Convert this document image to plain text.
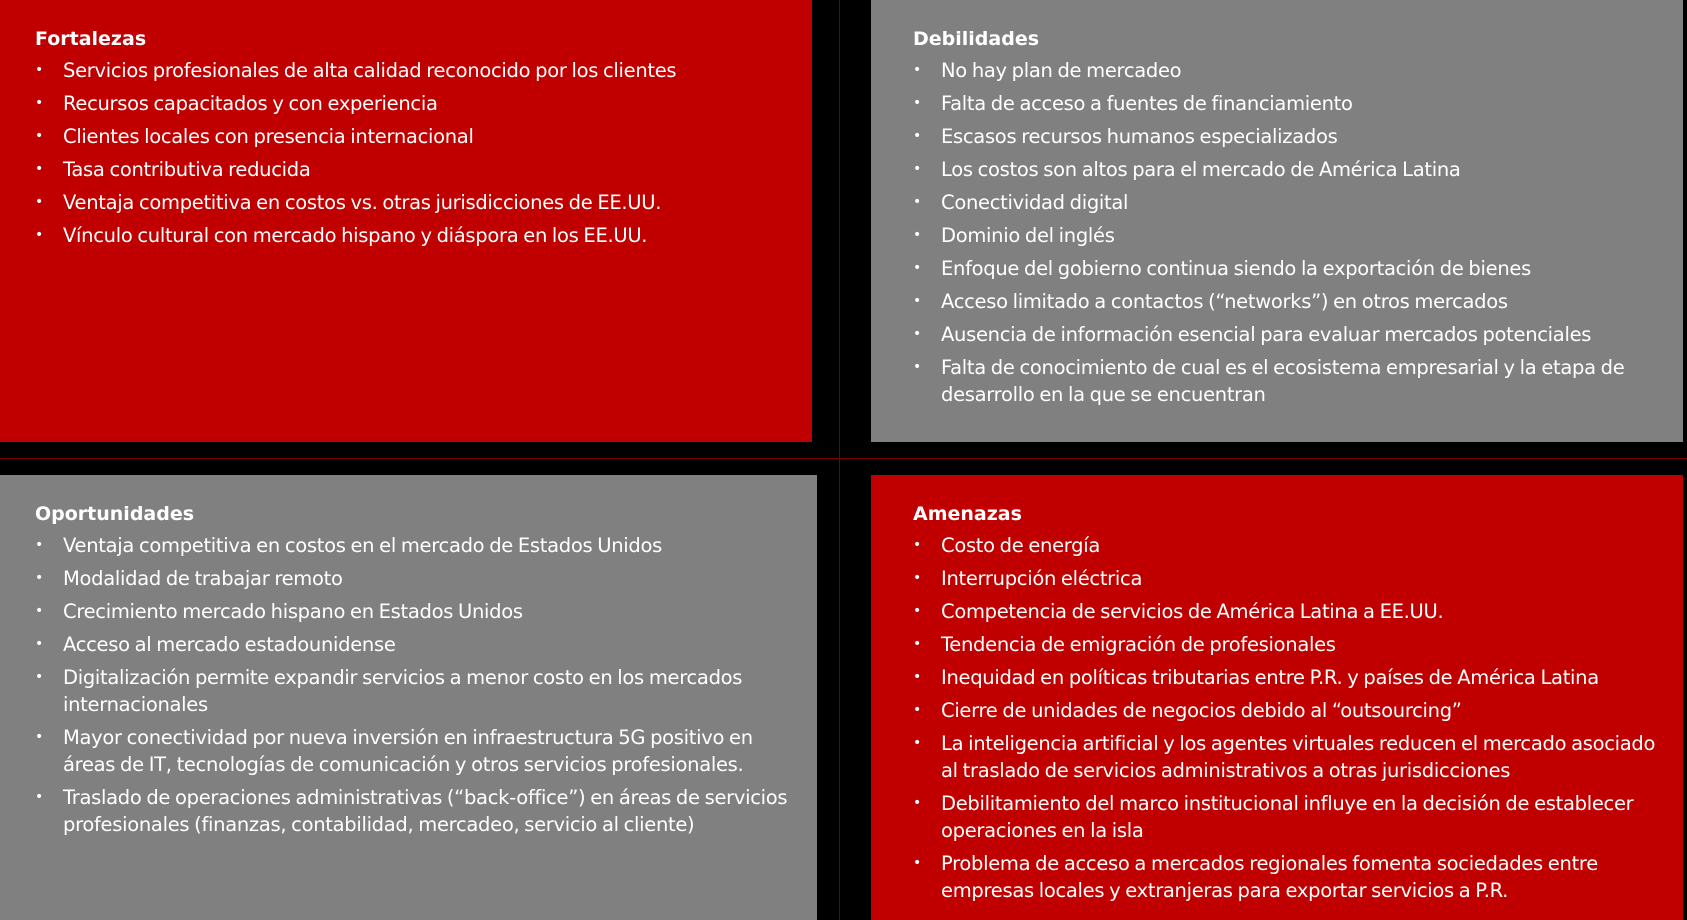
Fortalezas
• Servicios profesionales de alta calidad reconocido por los clientes
• Recursos capacitados y con experiencia
• Clientes locales con presencia internacional
• Tasa contributiva reducida
• Ventaja competitiva en costos vs. otras jurisdicciones de EE.UU.
• Vínculo cultural con mercado hispano y diáspora en los EE.UU.
Debilidades
• No hay plan de mercadeo
• Falta de acceso a fuentes de financiamiento
• Escasos recursos humanos especializados
• Los costos son altos para el mercado de América Latina
• Conectividad digital
• Dominio del inglés
• Enfoque del gobierno continua siendo la exportación de bienes
• Acceso limitado a contactos (“networks”) en otros mercados
• Ausencia de información esencial para evaluar mercados potenciales
• Falta de conocimiento de cual es el ecosistema empresarial y la etapa de desarrollo en la que se encuentran
Oportunidades
• Ventaja competitiva en costos en el mercado de Estados Unidos
• Modalidad de trabajar remoto
• Crecimiento mercado hispano en Estados Unidos
• Acceso al mercado estadounidense
• Digitalización permite expandir servicios a menor costo en los mercados internacionales
• Mayor conectividad por nueva inversión en infraestructura 5G positivo en áreas de IT, tecnologías de comunicación y otros servicios profesionales.
• Traslado de operaciones administrativas (“back-office”) en áreas de servicios profesionales (finanzas, contabilidad, mercadeo, servicio al cliente)
Amenazas
• Costo de energía
• Interrupción eléctrica
• Competencia de servicios de América Latina a EE.UU.
• Tendencia de emigración de profesionales
• Inequidad en políticas tributarias entre P.R. y países de América Latina
• Cierre de unidades de negocios debido al “outsourcing”
• La inteligencia artificial y los agentes virtuales reducen el mercado asociado al traslado de servicios administrativos a otras jurisdicciones
• Debilitamiento del marco institucional influye en la decisión de establecer operaciones en la isla
• Problema de acceso a mercados regionales fomenta sociedades entre empresas locales y extranjeras para exportar servicios a P.R.
